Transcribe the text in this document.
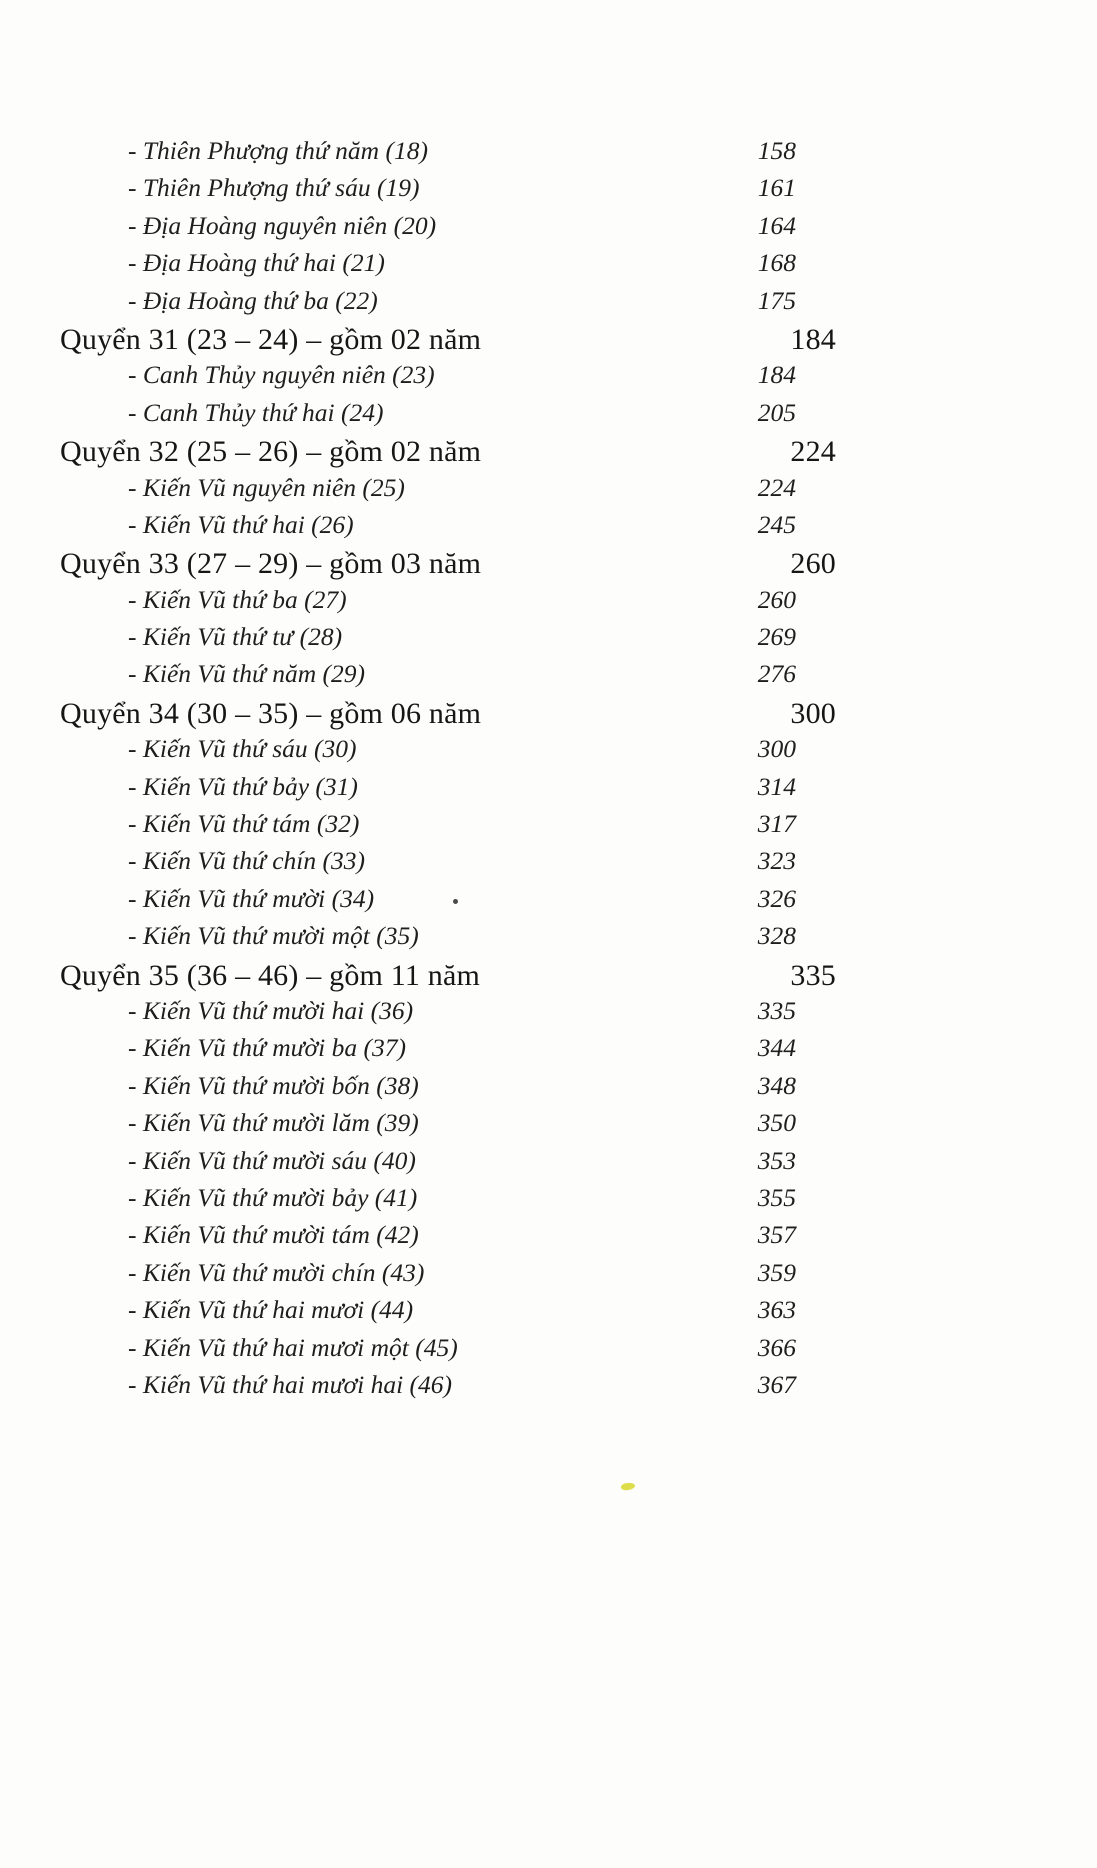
- Thiên Phượng thứ năm (18)	158
- Thiên Phượng thứ sáu (19)	161
- Địa Hoàng nguyên niên (20)	164
- Địa Hoàng thứ hai (21)	168
- Địa Hoàng thứ ba (22)	175
Quyển 31 (23 – 24) – gồm 02 năm	184
- Canh Thủy nguyên niên (23)	184
- Canh Thủy thứ hai (24)	205
Quyển 32 (25 – 26) – gồm 02 năm	224
- Kiến Vũ nguyên niên (25)	224
- Kiến Vũ thứ hai (26)	245
Quyển 33 (27 – 29) – gồm 03 năm	260
- Kiến Vũ thứ ba (27)	260
- Kiến Vũ thứ tư (28)	269
- Kiến Vũ thứ năm (29)	276
Quyển 34 (30 – 35) – gồm 06 năm	300
- Kiến Vũ thứ sáu (30)	300
- Kiến Vũ thứ bảy (31)	314
- Kiến Vũ thứ tám (32)	317
- Kiến Vũ thứ chín (33)	323
- Kiến Vũ thứ mười (34)	326
- Kiến Vũ thứ mười một (35)	328
Quyển 35 (36 – 46) – gồm 11 năm	335
- Kiến Vũ thứ mười hai (36)	335
- Kiến Vũ thứ mười ba (37)	344
- Kiến Vũ thứ mười bốn (38)	348
- Kiến Vũ thứ mười lăm (39)	350
- Kiến Vũ thứ mười sáu (40)	353
- Kiến Vũ thứ mười bảy (41)	355
- Kiến Vũ thứ mười tám (42)	357
- Kiến Vũ thứ mười chín (43)	359
- Kiến Vũ thứ hai mươi (44)	363
- Kiến Vũ thứ hai mươi một (45)	366
- Kiến Vũ thứ hai mươi hai (46)	367
